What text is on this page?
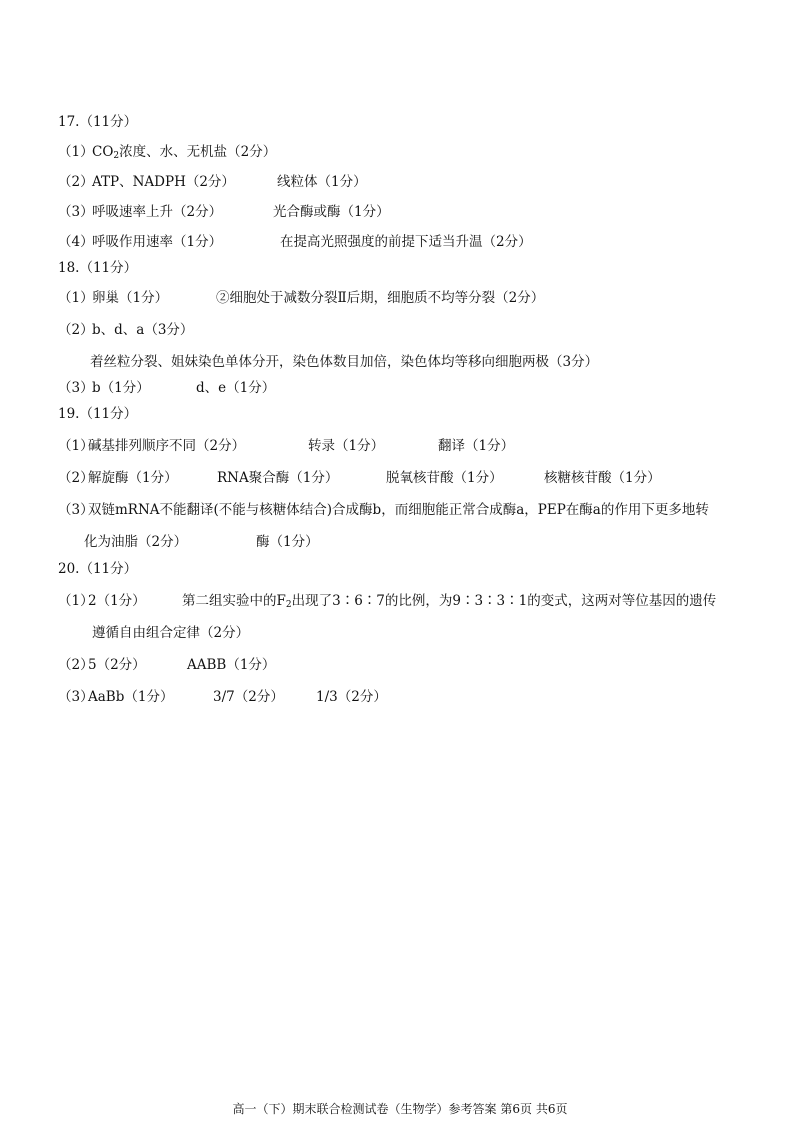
17.（11分）
（1）
$CO_2$浓度、水、无机盐（2分）
（2）
ATP、NADPH（2分）	线粒体（1分）
（3）
呼吸速率上升（2分）	光合酶或酶（1分）
（4）
呼吸作用速率（1分）	在提高光照强度的前提下适当升温（2分）
18.（11分）
（1）
卵巢（1分）	②细胞处于减数分裂Ⅱ后期，细胞质不均等分裂（2分）
（2）
b、d、a（3分）
着丝粒分裂、姐妹染色单体分开，染色体数目加倍，染色体均等移向细胞两极（3分）
（3）
b（1分）	d、e（1分）
19.（11分）
（1）
碱基排列顺序不同（2分）	转录（1分）	翻译（1分）
（2）
解旋酶（1分）	RNA聚合酶（1分）	脱氧核苷酸（1分）	核糖核苷酸（1分）
（3）
双链mRNA不能翻译(不能与核糖体结合)合成酶b，而细胞能正常合成酶a，PEP在酶a的作用下更多地转
化为油脂（2分）	酶（1分）
20.（11分）
（1）
2（1分）	第二组实验中的$F_2$出现了3∶6∶7的比例，为9∶3∶3∶1的变式，这两对等位基因的遗传
遵循自由组合定律（2分）
（2）
5（2分）	AABB（1分）
（3）
AaBb（1分）	3/7（2分） 1/3（2分）
高一（下）期末联合检测试卷（生物学）参考答案 第6页 共6页
